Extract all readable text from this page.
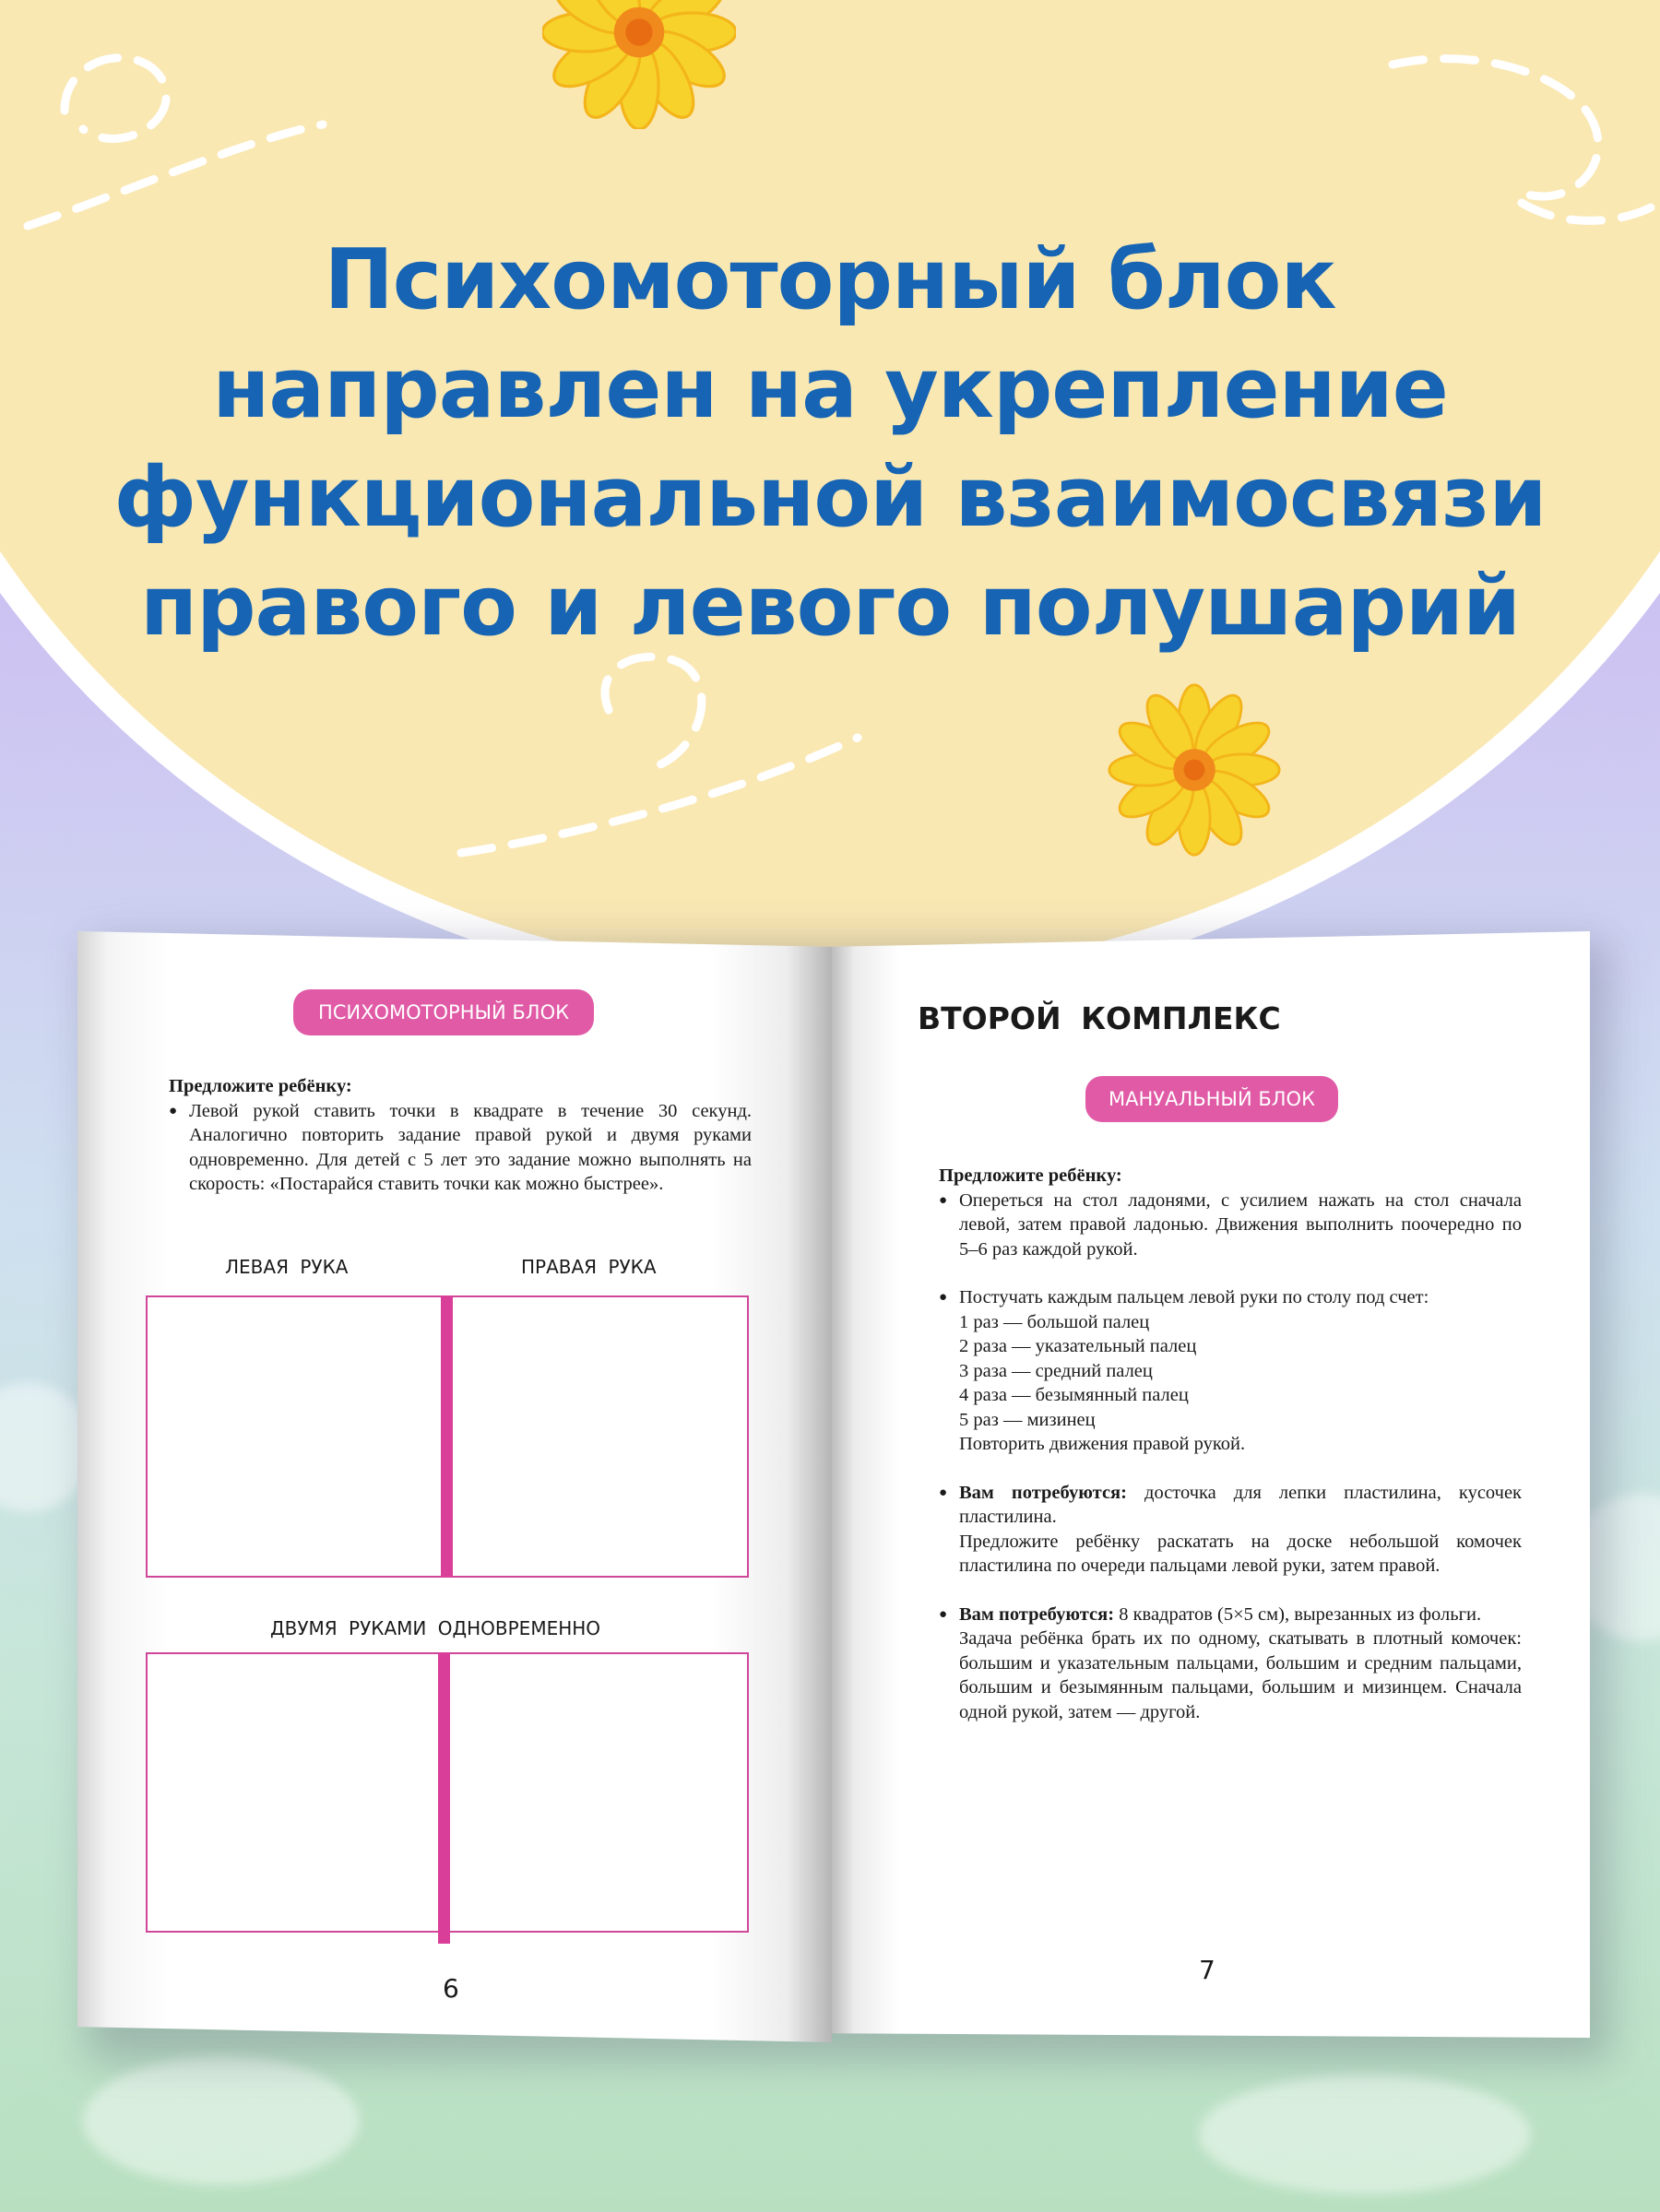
Психомоторный блок
направлен на укрепление
функциональной взаимосвязи
правого и левого полушарий
ПСИХОМОТОРНЫЙ БЛОК
Предложите ребёнку:
● Левой рукой ставить точки в квадрате в течение 30 секунд. Аналогично повторить задание правой рукой и двумя руками одновременно. Для детей с 5 лет это задание можно выполнять на скорость: «Постарайся ставить точки как можно быстрее».
ЛЕВАЯ РУКА	ПРАВАЯ РУКА
ДВУМЯ РУКАМИ ОДНОВРЕМЕННО
6
ВТОРОЙ КОМПЛЕКС
МАНУАЛЬНЫЙ БЛОК
Предложите ребёнку:
● Опереться на стол ладонями, с усилием нажать на стол сначала левой, затем правой ладонью. Движения выполнить поочередно по 5–6 раз каждой рукой.
● Постучать каждым пальцем левой руки по столу под счет:
1 раз — большой палец
2 раза — указательный палец
3 раза — средний палец
4 раза — безымянный палец
5 раз — мизинец
Повторить движения правой рукой.
● Вам потребуются: досточка для лепки пластилина, кусочек пластилина.
Предложите ребёнку раскатать на доске небольшой комочек пластилина по очереди пальцами левой руки, затем правой.
● Вам потребуются: 8 квадратов (5×5 см), вырезанных из фольги.
Задача ребёнка брать их по одному, скатывать в плотный комочек: большим и указательным пальцами, большим и средним пальцами, большим и безымянным пальцами, большим и мизинцем. Сначала одной рукой, затем — другой.
7
